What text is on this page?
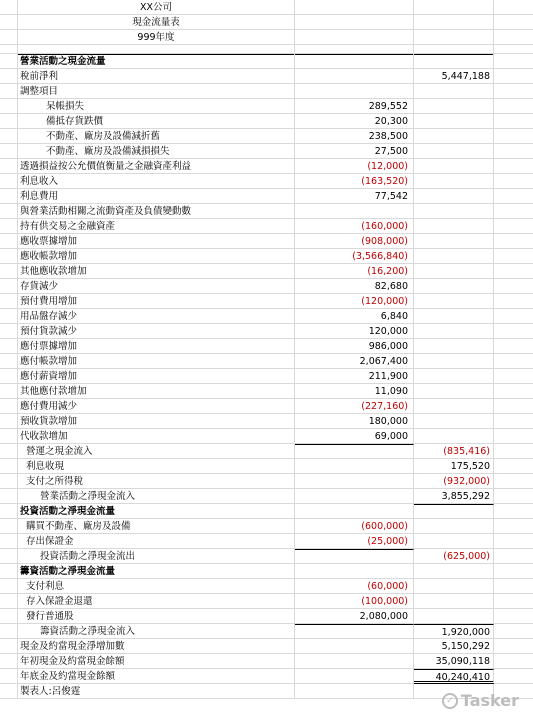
XX公司
現金流量表
999年度
營業活動之現金流量
稅前淨利	5,447,188
調整項目
呆帳損失	289,552
備抵存貨跌價	20,300
不動產、廠房及設備減折舊	238,500
不動產、廠房及設備減損損失	27,500
透過損益按公允價值衡量之金融資產利益	(12,000)
利息收入	(163,520)
利息費用	77,542
與營業活動相關之流動資產及負債變動數
持有供交易之金融資產	(160,000)
應收票據增加	(908,000)
應收帳款增加	(3,566,840)
其他應收款增加	(16,200)
存貨減少	82,680
預付費用增加	(120,000)
用品盤存減少	6,840
預付貨款減少	120,000
應付票據增加	986,000
應付帳款增加	2,067,400
應付薪資增加	211,900
其他應付款增加	11,090
應付費用減少	(227,160)
預收貨款增加	180,000
代收款增加	69,000
營運之現金流入	(835,416)
利息收現	175,520
支付之所得稅	(932,000)
營業活動之淨現金流入	3,855,292
投資活動之淨現金流量
購買不動產、廠房及設備	(600,000)
存出保證金	(25,000)
投資活動之淨現金流出	(625,000)
籌資活動之淨現金流量
支付利息	(60,000)
存入保證金退還	(100,000)
發行普通股	2,080,000
籌資活動之淨現金流入	1,920,000
現金及約當現金淨增加數	5,150,292
年初現金及約當現金餘額	35,090,118
年底金及約當現金餘額	40,240,410
製表人:呂俊霆
✓ Tasker
